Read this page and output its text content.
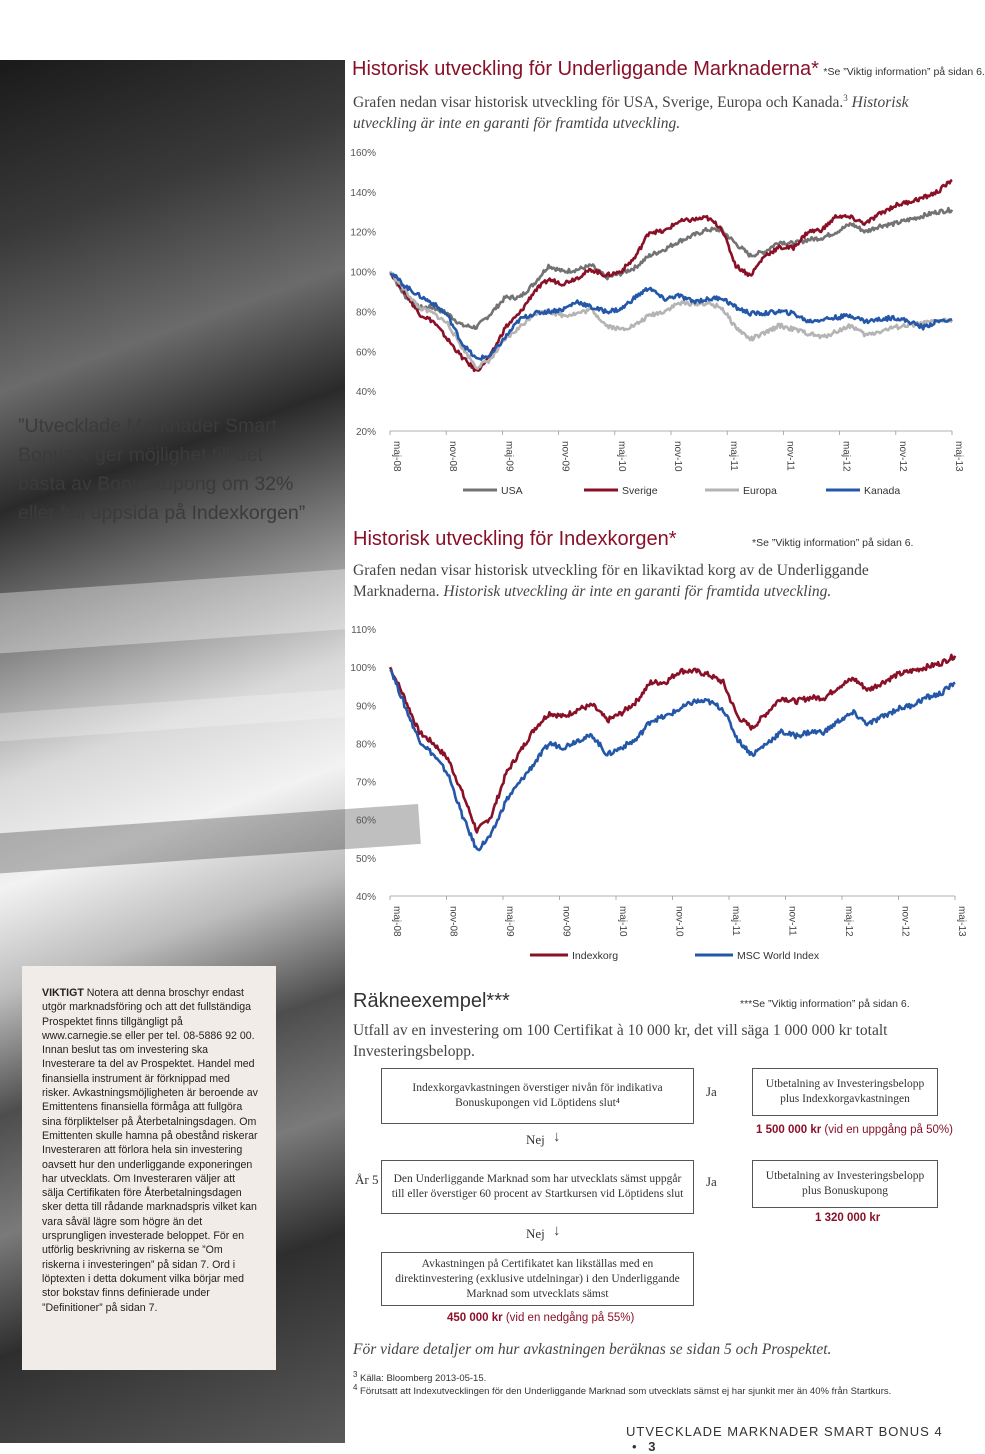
”Utvecklade Marknader Smart Bonus 4 ger möjlighet till det bästa av Bonuskupong om 32% eller full uppsida på Indexkorgen”
Historisk utveckling för Underliggande Marknaderna* *Se ”Viktig information” på sidan 6.
Grafen nedan visar historisk utveckling för USA, Sverige, Europa och Kanada.$^3$ Historisk
utveckling är inte en garanti för framtida utveckling.
160%
140%
120%
100%
80%
60%
40%
20%
maj-08	nov-08	maj-09	nov-09	maj-10	nov-10	maj-11	nov-11	maj-12	nov-12	maj-13
USA	Sverige	Europa	Kanada
Historisk utveckling för Indexkorgen*	*Se ”Viktig information” på sidan 6.
Grafen nedan visar historisk utveckling för en likaviktad korg av de Underliggande
Marknaderna. Historisk utveckling är inte en garanti för framtida utveckling.
110%
100%
90%
80%
70%
60%
50%
40%
maj-08	nov-08	maj-09	nov-09	maj-10	nov-10	maj-11	nov-11	maj-12	nov-12	maj-13
Indexkorg	MSC World Index
VIKTIGT Notera att denna broschyr endast utgör marknadsföring och att det fullständiga Prospektet finns tillgängligt på www.carnegie.se eller per tel. 08-5886 92 00. Innan beslut tas om investering ska Investerare ta del av Prospektet. Handel med finansiella instrument är förknippad med risker. Avkastningsmöjligheten är beroende av Emittentens finansiella förmåga att fullgöra sina förpliktelser på Återbetalningsdagen. Om Emittenten skulle hamna på obestånd riskerar Investeraren att förlora hela sin investering oavsett hur den underliggande exponeringen har utvecklats. Om Investeraren väljer att sälja Certifikaten före Återbetalningsdagen sker detta till rådande marknadspris vilket kan vara såväl lägre som högre än det ursprungligen investerade beloppet. För en utförlig beskrivning av riskerna se ”Om riskerna i investeringen” på sidan 7. Ord i löptexten i detta dokument vilka börjar med stor bokstav finns definierade under ”Definitioner” på sidan 7.
Räkneexempel***	***Se ”Viktig information” på sidan 6.
Utfall av en investering om 100 Certifikat à 10 000 kr, det vill säga 1 000 000 kr totalt Investeringsbelopp.
Indexkorgavkastningen överstiger nivån för indikativa Bonuskupongen vid Löptidens slut⁴
Ja	Utbetalning av Investeringsbelopp plus Indexkorgavkastningen
1 500 000 kr (vid en uppgång på 50%)
Nej ↓
År 5	Den Underliggande Marknad som har utvecklats sämst uppgår till eller överstiger 60 procent av Startkursen vid Löptidens slut
Ja	Utbetalning av Investeringsbelopp plus Bonuskupong
1 320 000 kr
Nej ↓
Avkastningen på Certifikatet kan likställas med en direktinvestering (exklusive utdelningar) i den Underliggande Marknad som utvecklats sämst
450 000 kr (vid en nedgång på 55%)
För vidare detaljer om hur avkastningen beräknas se sidan 5 och Prospektet.
$^3$ Källa: Bloomberg 2013-05-15.
$^4$ Förutsatt att Indexutvecklingen för den Underliggande Marknad som utvecklats sämst ej har sjunkit mer än 40% från Startkurs.
UTVECKLADE MARKNADER SMART BONUS 4 • 3
